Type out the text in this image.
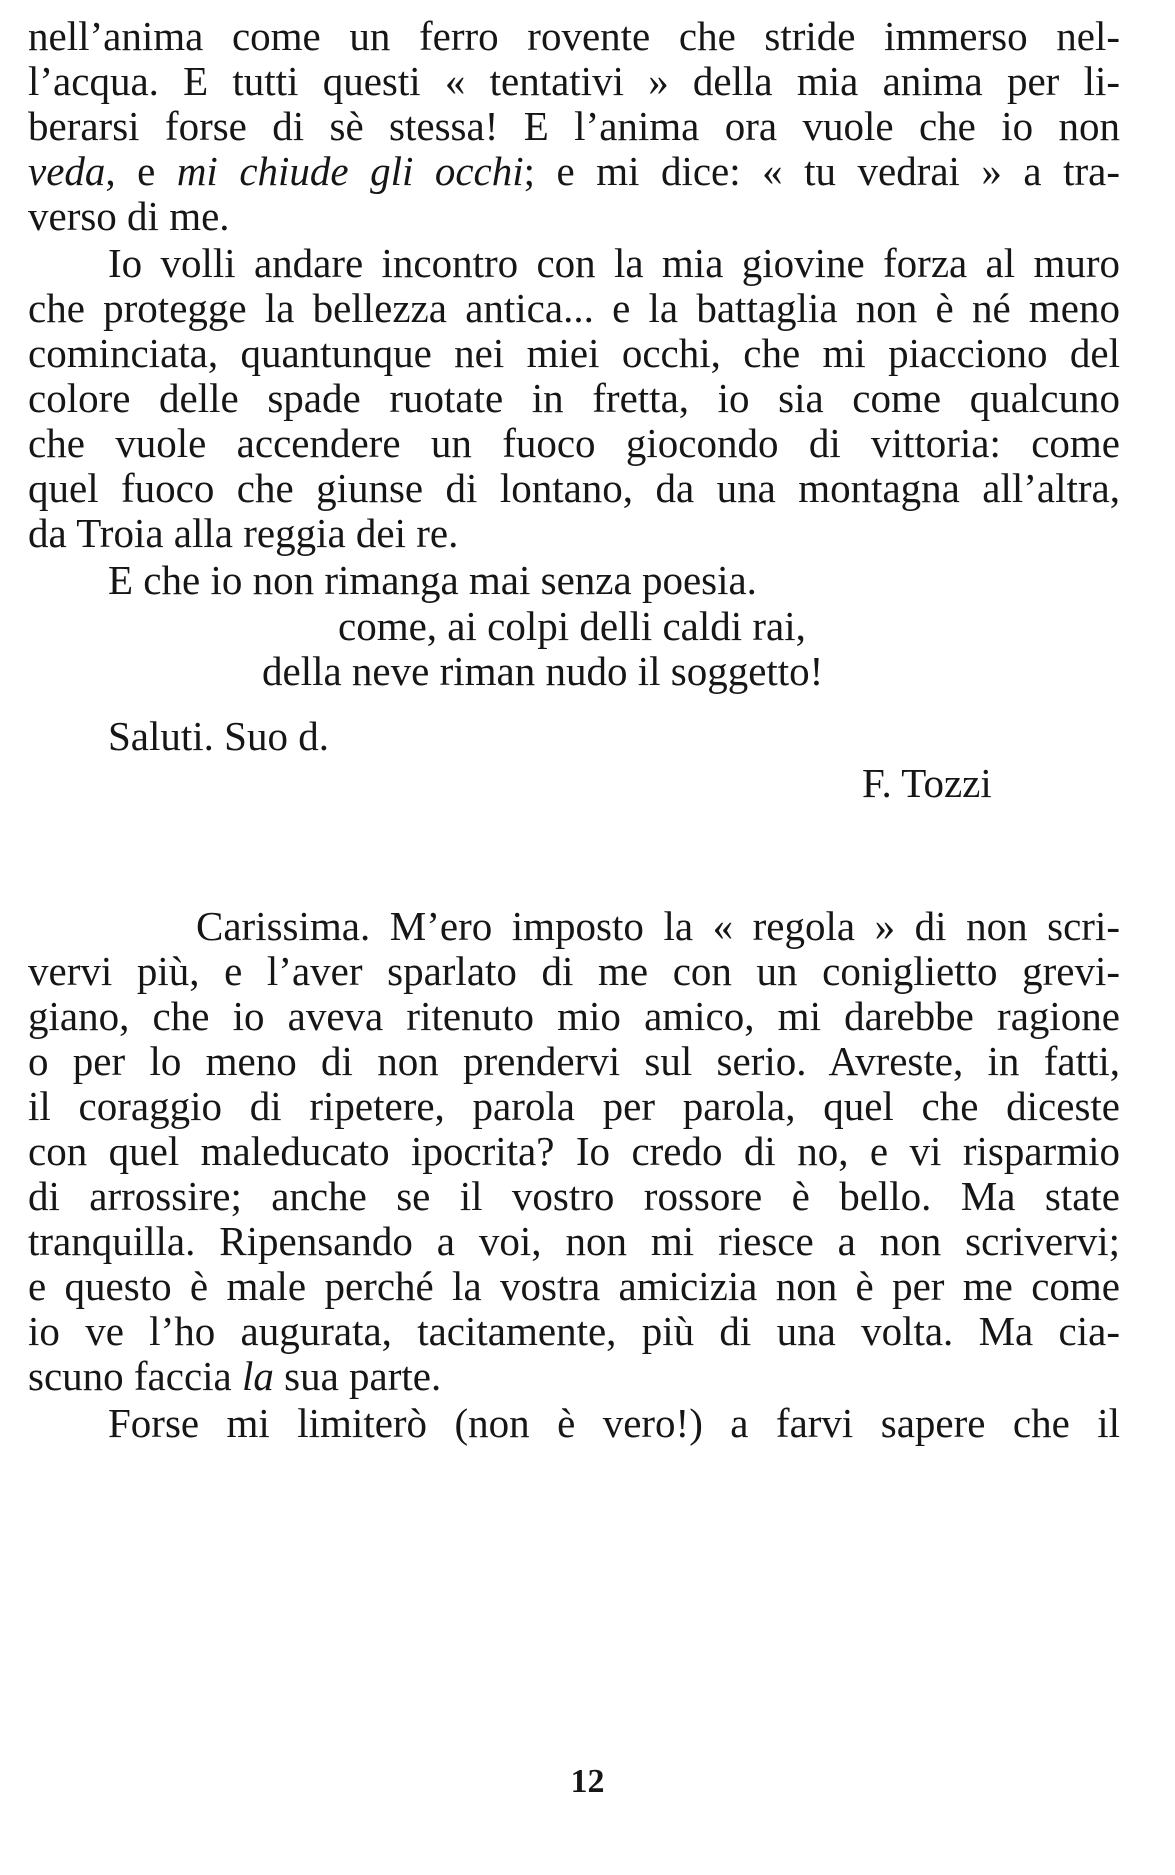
nell’anima come un ferro rovente che stride immerso nel-
l’acqua. E tutti questi « tentativi » della mia anima per li-
berarsi forse di sè stessa! E l’anima ora vuole che io non
veda, e mi chiude gli occhi; e mi dice: « tu vedrai » a tra-
verso di me.
Io volli andare incontro con la mia giovine forza al muro
che protegge la bellezza antica... e la battaglia non è né meno
cominciata, quantunque nei miei occhi, che mi piacciono del
colore delle spade ruotate in fretta, io sia come qualcuno
che vuole accendere un fuoco giocondo di vittoria: come
quel fuoco che giunse di lontano, da una montagna all’altra,
da Troia alla reggia dei re.
E che io non rimanga mai senza poesia.
come, ai colpi delli caldi rai,
della neve riman nudo il soggetto!
Saluti. Suo d.
F. Tozzi
Carissima. M’ero imposto la « regola » di non scri-
vervi più, e l’aver sparlato di me con un coniglietto grevi-
giano, che io aveva ritenuto mio amico, mi darebbe ragione
o per lo meno di non prendervi sul serio. Avreste, in fatti,
il coraggio di ripetere, parola per parola, quel che diceste
con quel maleducato ipocrita? Io credo di no, e vi risparmio
di arrossire; anche se il vostro rossore è bello. Ma state
tranquilla. Ripensando a voi, non mi riesce a non scrivervi;
e questo è male perché la vostra amicizia non è per me come
io ve l’ho augurata, tacitamente, più di una volta. Ma cia-
scuno faccia la sua parte.
Forse mi limiterò (non è vero!) a farvi sapere che il
12
